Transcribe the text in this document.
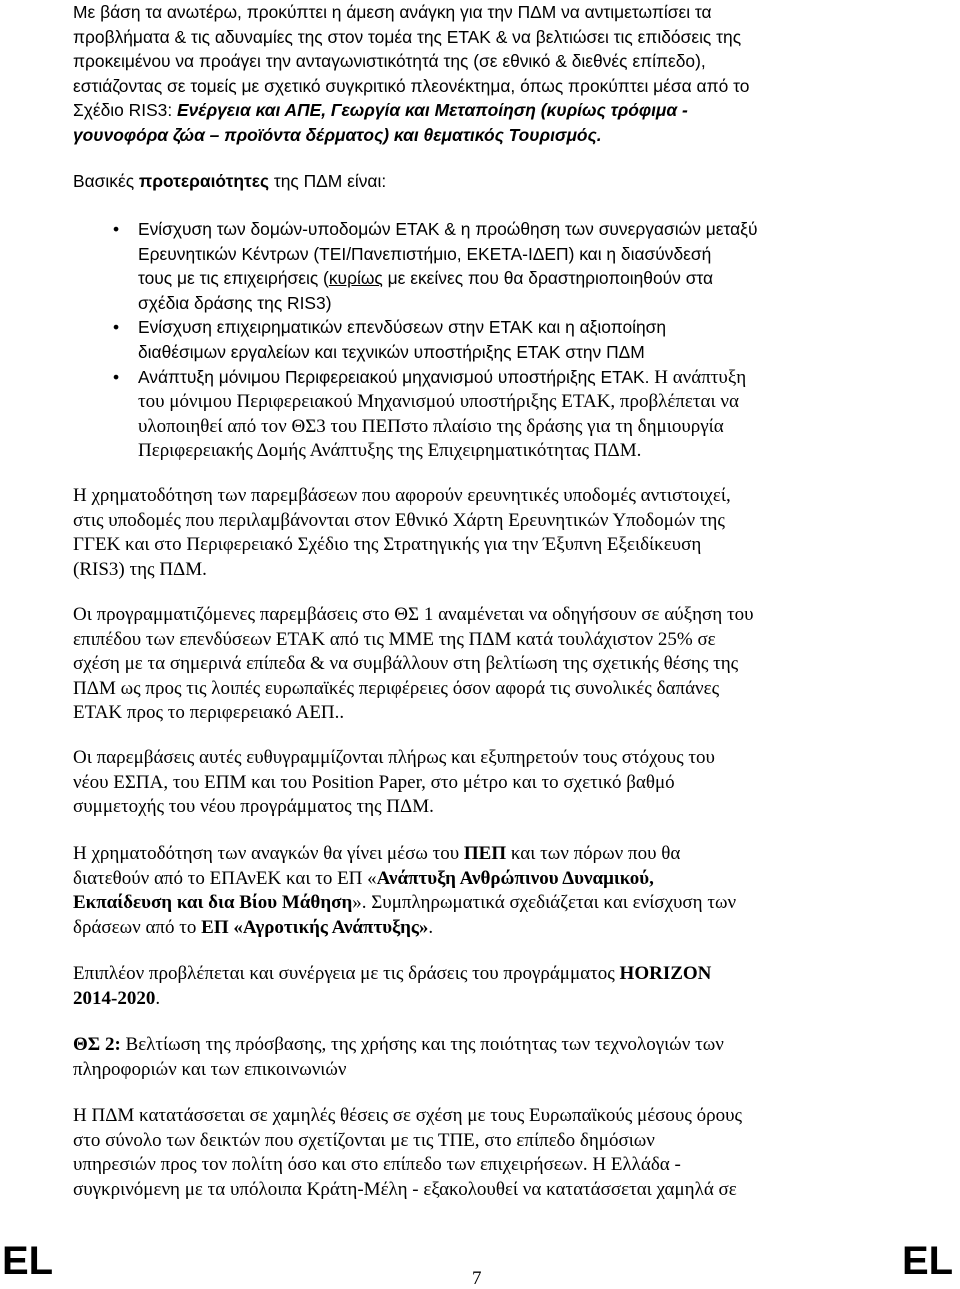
Με βάση τα ανωτέρω, προκύπτει η άμεση ανάγκη για την ΠΔΜ να αντιμετωπίσει τα

προβλήματα & τις αδυναμίες της στον τομέα της ΕΤΑΚ & να βελτιώσει τις επιδόσεις της

προκειμένου να προάγει την ανταγωνιστικότητά της (σε εθνικό & διεθνές επίπεδο),

εστιάζοντας σε τομείς με σχετικό συγκριτικό πλεονέκτημα, όπως προκύπτει μέσα από το

Σχέδιο RIS3: Ενέργεια και ΑΠΕ, Γεωργία και Μεταποίηση (κυρίως τρόφιμα -

γουνοφόρα ζώα – προϊόντα δέρματος) και θεματικός Τουρισμός.

Βασικές προτεραιότητες της ΠΔΜ είναι:

• Ενίσχυση των δομών-υποδομών ΕΤΑΚ & η προώθηση των συνεργασιών μεταξύ

Ερευνητικών Κέντρων (ΤΕΙ/Πανεπιστήμιο, ΕΚΕΤΑ-ΙΔΕΠ) και η διασύνδεσή

τους με τις επιχειρήσεις (κυρίως με εκείνες που θα δραστηριοποιηθούν στα

σχέδια δράσης της RIS3)

• Ενίσχυση επιχειρηματικών επενδύσεων στην ΕΤΑΚ και η αξιοποίηση

διαθέσιμων εργαλείων και τεχνικών υποστήριξης ΕΤΑΚ στην ΠΔΜ

• Ανάπτυξη μόνιμου Περιφερειακού μηχανισμού υποστήριξης ΕΤΑΚ. Η ανάπτυξη

του μόνιμου Περιφερειακού Μηχανισμού υποστήριξης ΕΤΑΚ, προβλέπεται να

υλοποιηθεί από τον ΘΣ3 του ΠΕΠστο πλαίσιο της δράσης για τη δημιουργία

Περιφερειακής Δομής Ανάπτυξης της Επιχειρηματικότητας ΠΔΜ.

Η χρηματοδότηση των παρεμβάσεων που αφορούν ερευνητικές υποδομές αντιστοιχεί,

στις υποδομές που περιλαμβάνονται στον Εθνικό Χάρτη Ερευνητικών Υποδομών της

ΓΓΕΚ και στο Περιφερειακό Σχέδιο της Στρατηγικής για την Έξυπνη Εξειδίκευση

(RIS3) της ΠΔΜ.

Οι προγραμματιζόμενες παρεμβάσεις στο ΘΣ 1 αναμένεται να οδηγήσουν σε αύξηση του

επιπέδου των επενδύσεων ΕΤΑΚ από τις ΜΜΕ της ΠΔΜ κατά τουλάχιστον 25% σε

σχέση με τα σημερινά επίπεδα & να συμβάλλουν στη βελτίωση της σχετικής θέσης της

ΠΔΜ ως προς τις λοιπές ευρωπαϊκές περιφέρειες όσον αφορά τις συνολικές δαπάνες

ΕΤΑΚ προς το περιφερειακό ΑΕΠ..

Οι παρεμβάσεις αυτές ευθυγραμμίζονται πλήρως και εξυπηρετούν τους στόχους του

νέου ΕΣΠΑ, του ΕΠΜ και του Position Paper, στο μέτρο και το σχετικό βαθμό

συμμετοχής του νέου προγράμματος της ΠΔΜ.

Η χρηματοδότηση των αναγκών θα γίνει μέσω του ΠΕΠ και των πόρων που θα

διατεθούν από το ΕΠΑνΕΚ και το ΕΠ «Ανάπτυξη Ανθρώπινου Δυναμικού,

Εκπαίδευση και δια Βίου Μάθηση». Συμπληρωματικά σχεδιάζεται και ενίσχυση των

δράσεων από το ΕΠ «Αγροτικής Ανάπτυξης».

Επιπλέον προβλέπεται και συνέργεια με τις δράσεις του προγράμματος HORIZON

2014-2020.

ΘΣ 2: Βελτίωση της πρόσβασης, της χρήσης και της ποιότητας των τεχνολογιών των

πληροφοριών και των επικοινωνιών

Η ΠΔΜ κατατάσσεται σε χαμηλές θέσεις σε σχέση με τους Ευρωπαϊκούς μέσους όρους

στο σύνολο των δεικτών που σχετίζονται με τις ΤΠΕ, στο επίπεδο δημόσιων

υπηρεσιών προς τον πολίτη όσο και στο επίπεδο των επιχειρήσεων. Η Ελλάδα -

συγκρινόμενη με τα υπόλοιπα Κράτη-Μέλη - εξακολουθεί να κατατάσσεται χαμηλά σε

EL	7	EL
